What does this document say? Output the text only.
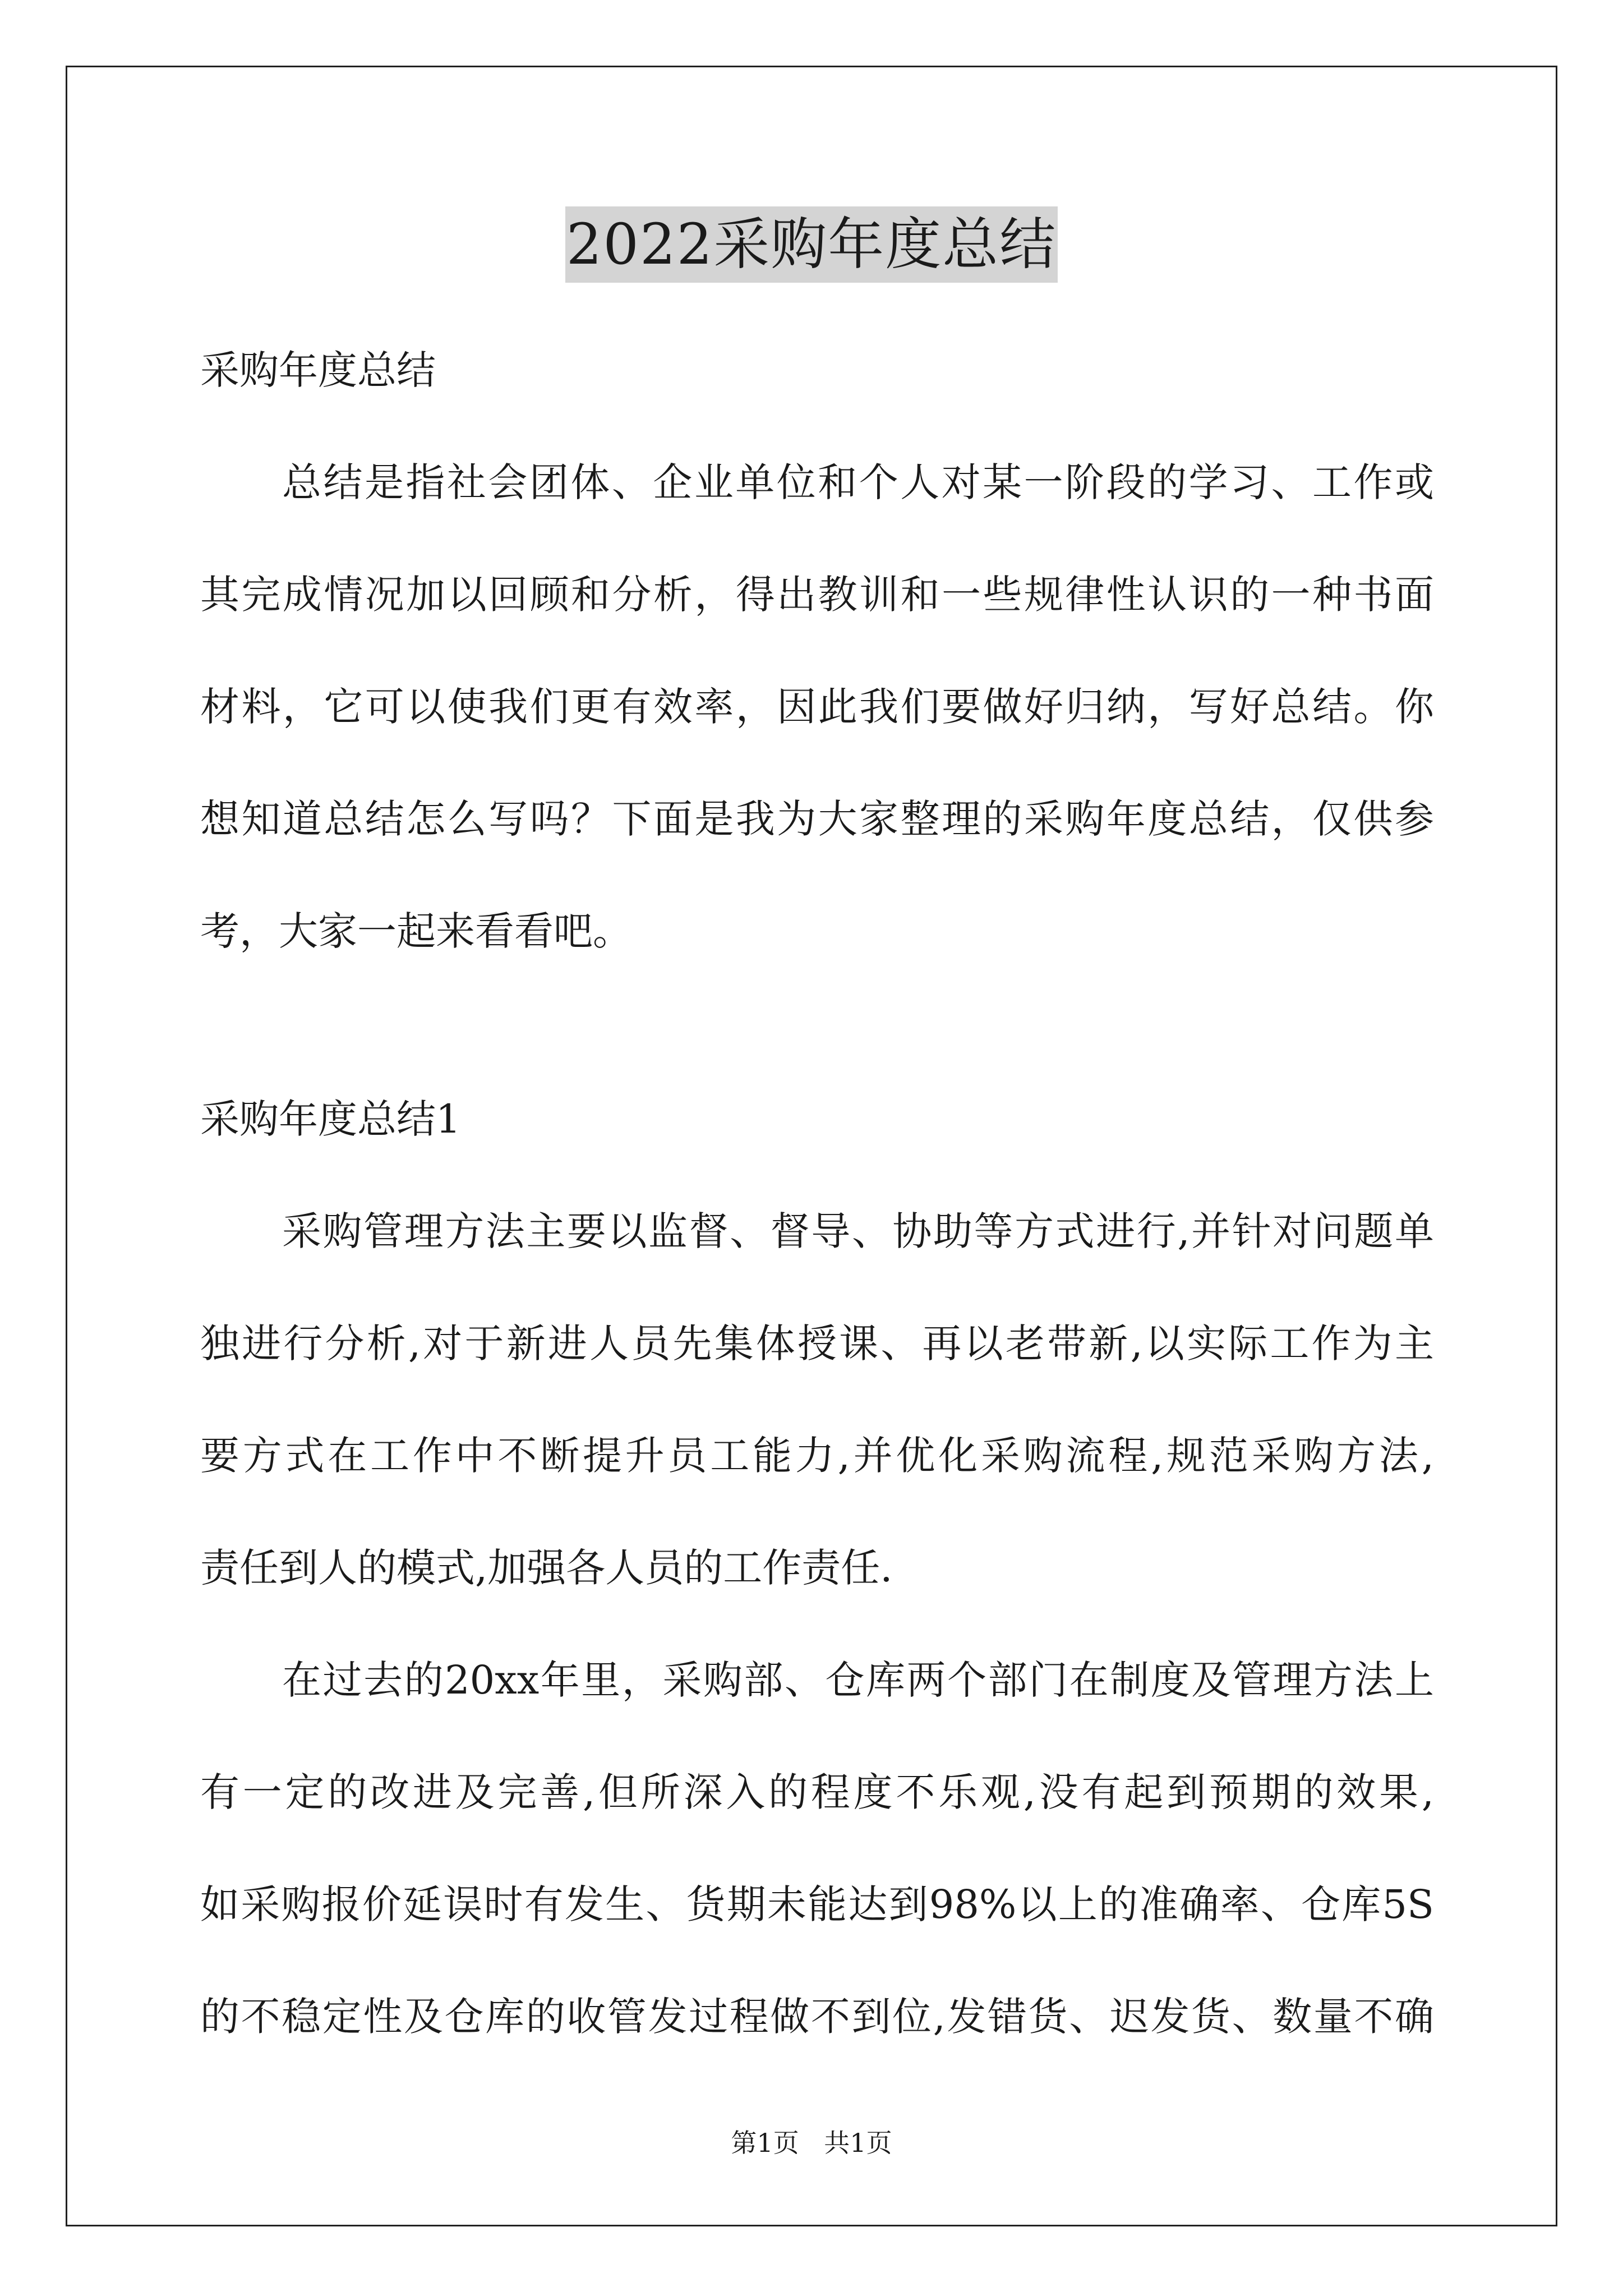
2022采购年度总结
采购年度总结
总结是指社会团体、企业单位和个人对某一阶段的学习、工作或
其完成情况加以回顾和分析，得出教训和一些规律性认识的一种书面
材料，它可以使我们更有效率，因此我们要做好归纳，写好总结。你
想知道总结怎么写吗？下面是我为大家整理的采购年度总结，仅供参
考，大家一起来看看吧。
采购年度总结1
采购管理方法主要以监督、督导、协助等方式进行,并针对问题单
独进行分析,对于新进人员先集体授课、再以老带新,以实际工作为主
要方式在工作中不断提升员工能力,并优化采购流程,规范采购方法,
责任到人的模式,加强各人员的工作责任.
在过去的20xx年里，采购部、仓库两个部门在制度及管理方法上
有一定的改进及完善,但所深入的程度不乐观,没有起到预期的效果,
如采购报价延误时有发生、货期未能达到98%以上的准确率、仓库5S
的不稳定性及仓库的收管发过程做不到位,发错货、迟发货、数量不确
第1页 共1页
